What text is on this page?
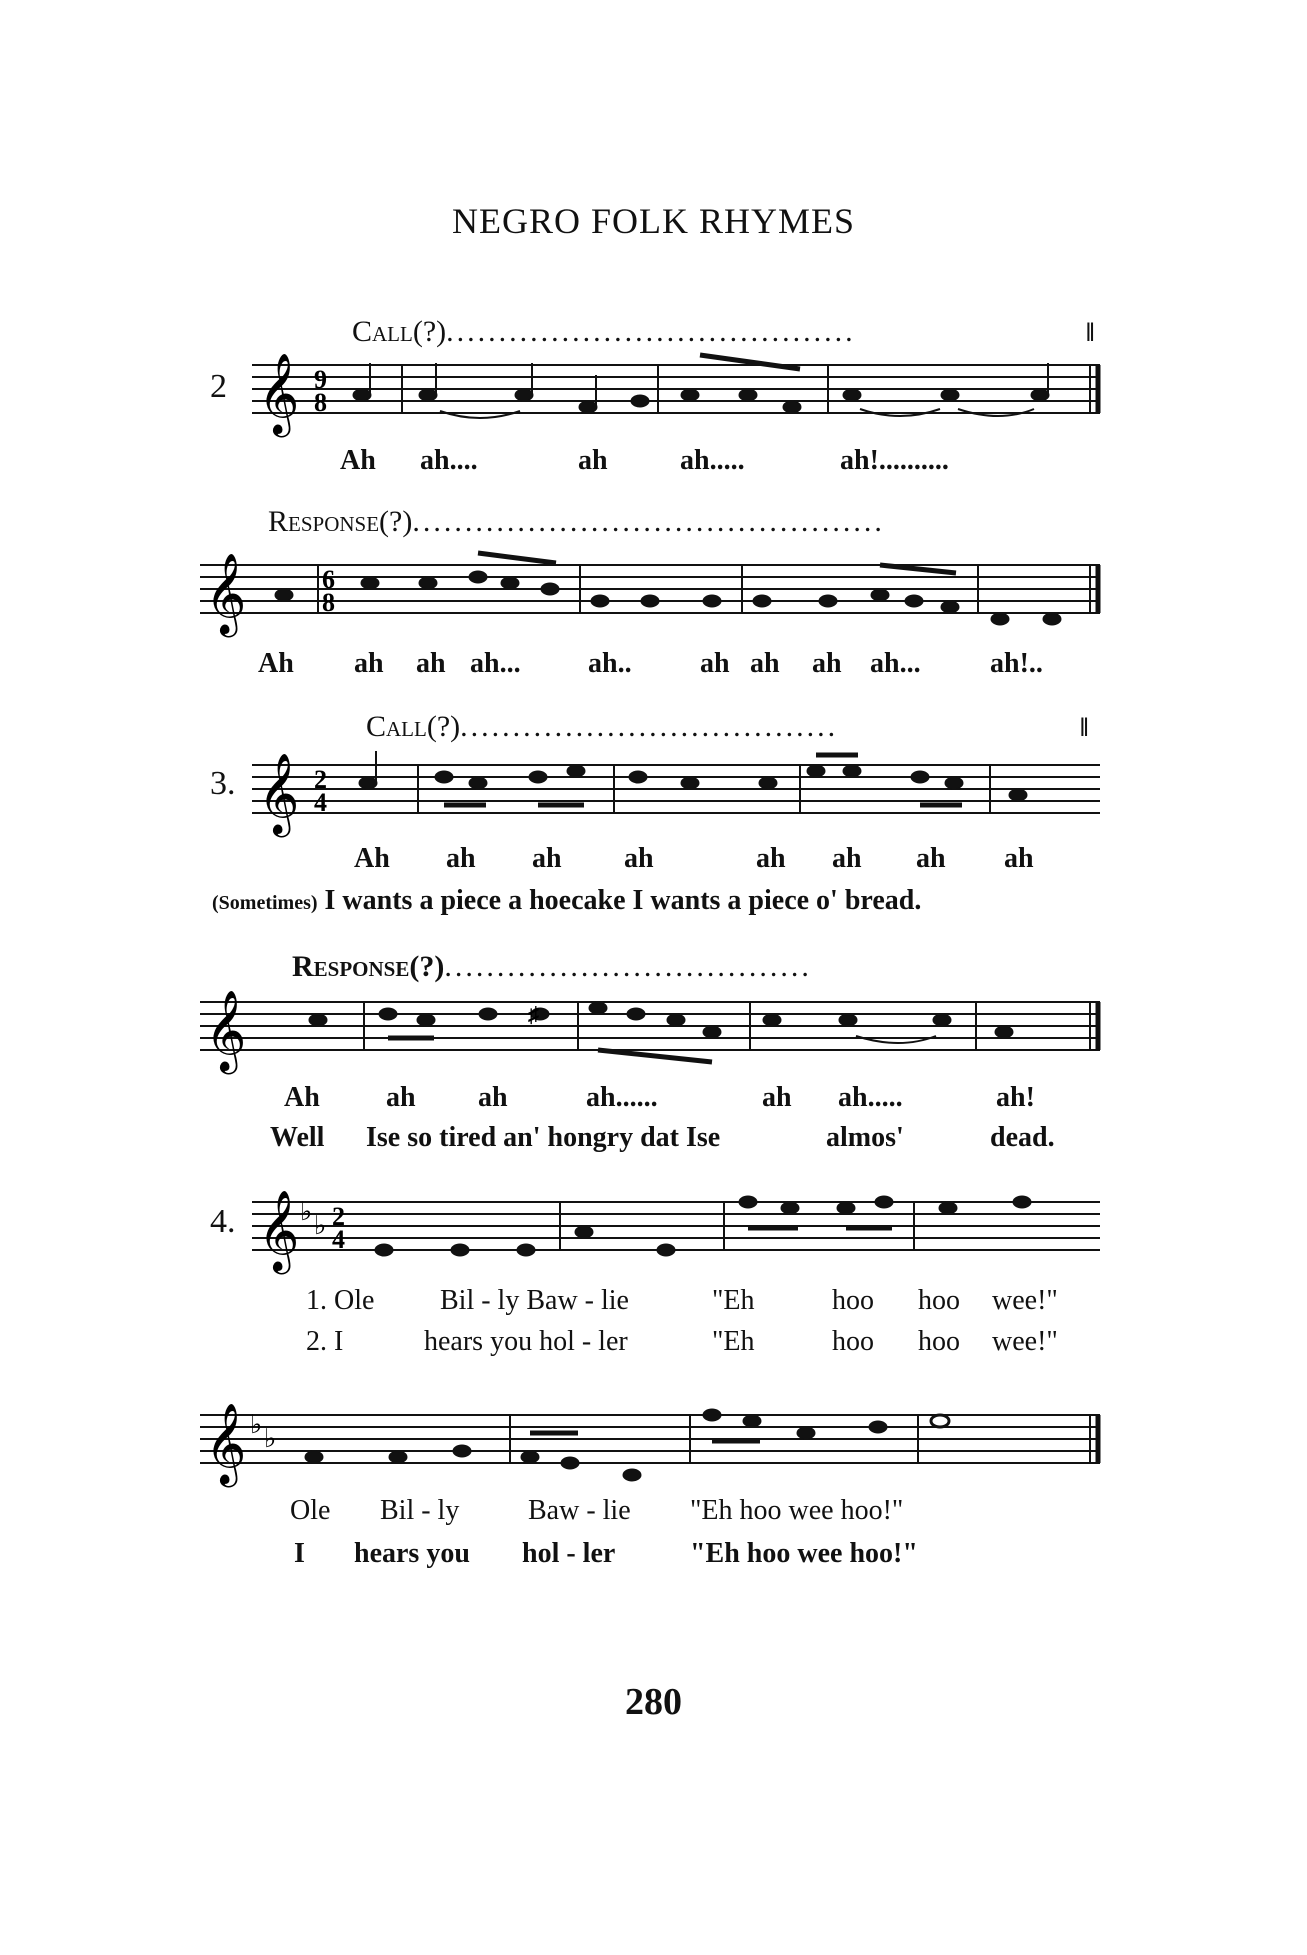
NEGRO FOLK RHYMES
Call(?).......................................	‖
2 𝄞 9
8
Ah ah....	ah	ah.....	ah!..........
Response(?).............................................
𝄞	6
8
Ah ah ah ah... ah.. ah ah ah ah... ah!..
Call(?)....................................	‖
3. 𝄞 2
4
Ah ah ah ah	ah ah ah ah
(Sometimes) I wants a piece a hoecake I wants a piece o' bread.
Response(?)...................................
𝄞	♯
Ah ah ah	ah......	ah ah.....	ah!
Well Ise so tired an' hongry dat Ise	almos'	dead.
4. 𝄞 ♭ ♭ 2
4
1. Ole Bil - ly Baw - lie	"Eh	hoo hoo wee!"
2. I	hears you hol - ler	"Eh	hoo hoo wee!"
𝄞 ♭ ♭
Ole Bil - ly Baw - lie "Eh hoo wee hoo!"
I hears you hol - ler	"Eh hoo wee hoo!"
280
